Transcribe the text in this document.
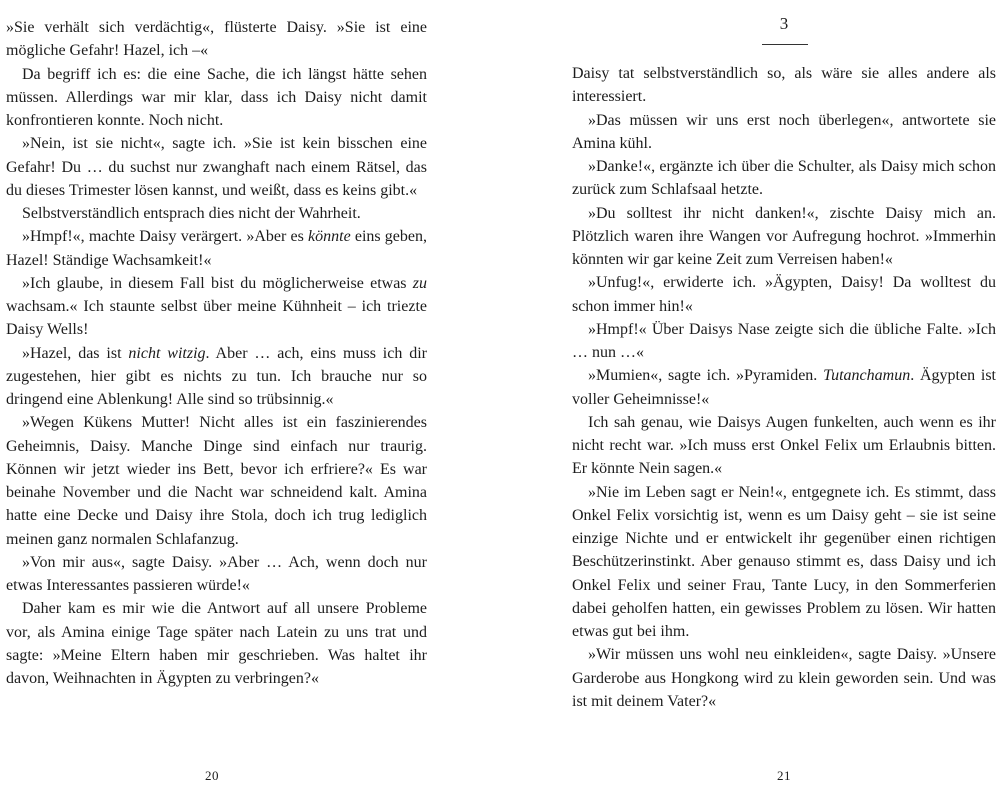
»Sie verhält sich verdächtig«, flüsterte Daisy. »Sie ist eine mögliche Gefahr! Hazel, ich –«

Da begriff ich es: die eine Sache, die ich längst hätte sehen müssen. Allerdings war mir klar, dass ich Daisy nicht damit konfrontieren konnte. Noch nicht.

»Nein, ist sie nicht«, sagte ich. »Sie ist kein bisschen eine Gefahr! Du … du suchst nur zwanghaft nach einem Rätsel, das du dieses Trimester lösen kannst, und weißt, dass es keins gibt.«

Selbstverständlich entsprach dies nicht der Wahrheit.

»Hmpf!«, machte Daisy verärgert. »Aber es könnte eins geben, Hazel! Ständige Wachsamkeit!«

»Ich glaube, in diesem Fall bist du möglicherweise etwas zu wachsam.« Ich staunte selbst über meine Kühnheit – ich triezte Daisy Wells!

»Hazel, das ist nicht witzig. Aber … ach, eins muss ich dir zugestehen, hier gibt es nichts zu tun. Ich brauche nur so dringend eine Ablenkung! Alle sind so trübsinnig.«

»Wegen Kükens Mutter! Nicht alles ist ein faszinierendes Geheimnis, Daisy. Manche Dinge sind einfach nur traurig. Können wir jetzt wieder ins Bett, bevor ich erfriere?« Es war beinahe November und die Nacht war schneidend kalt. Amina hatte eine Decke und Daisy ihre Stola, doch ich trug lediglich meinen ganz normalen Schlafanzug.

»Von mir aus«, sagte Daisy. »Aber … Ach, wenn doch nur etwas Interessantes passieren würde!«

Daher kam es mir wie die Antwort auf all unsere Probleme vor, als Amina einige Tage später nach Latein zu uns trat und sagte: »Meine Eltern haben mir geschrieben. Was haltet ihr davon, Weihnachten in Ägypten zu verbringen?«

20
3

Daisy tat selbstverständlich so, als wäre sie alles andere als interessiert.

»Das müssen wir uns erst noch überlegen«, antwortete sie Amina kühl.

»Danke!«, ergänzte ich über die Schulter, als Daisy mich schon zurück zum Schlafsaal hetzte.

»Du solltest ihr nicht danken!«, zischte Daisy mich an. Plötzlich waren ihre Wangen vor Aufregung hochrot. »Immerhin könnten wir gar keine Zeit zum Verreisen haben!«

»Unfug!«, erwiderte ich. »Ägypten, Daisy! Da wolltest du schon immer hin!«

»Hmpf!« Über Daisys Nase zeigte sich die übliche Falte. »Ich … nun …«

»Mumien«, sagte ich. »Pyramiden. Tutanchamun. Ägypten ist voller Geheimnisse!«

Ich sah genau, wie Daisys Augen funkelten, auch wenn es ihr nicht recht war. »Ich muss erst Onkel Felix um Erlaubnis bitten. Er könnte Nein sagen.«

»Nie im Leben sagt er Nein!«, entgegnete ich. Es stimmt, dass Onkel Felix vorsichtig ist, wenn es um Daisy geht – sie ist seine einzige Nichte und er entwickelt ihr gegenüber einen richtigen Beschützerinstinkt. Aber genauso stimmt es, dass Daisy und ich Onkel Felix und seiner Frau, Tante Lucy, in den Sommerferien dabei geholfen hatten, ein gewisses Problem zu lösen. Wir hatten etwas gut bei ihm.

»Wir müssen uns wohl neu einkleiden«, sagte Daisy. »Unsere Garderobe aus Hongkong wird zu klein geworden sein. Und was ist mit deinem Vater?«

21
